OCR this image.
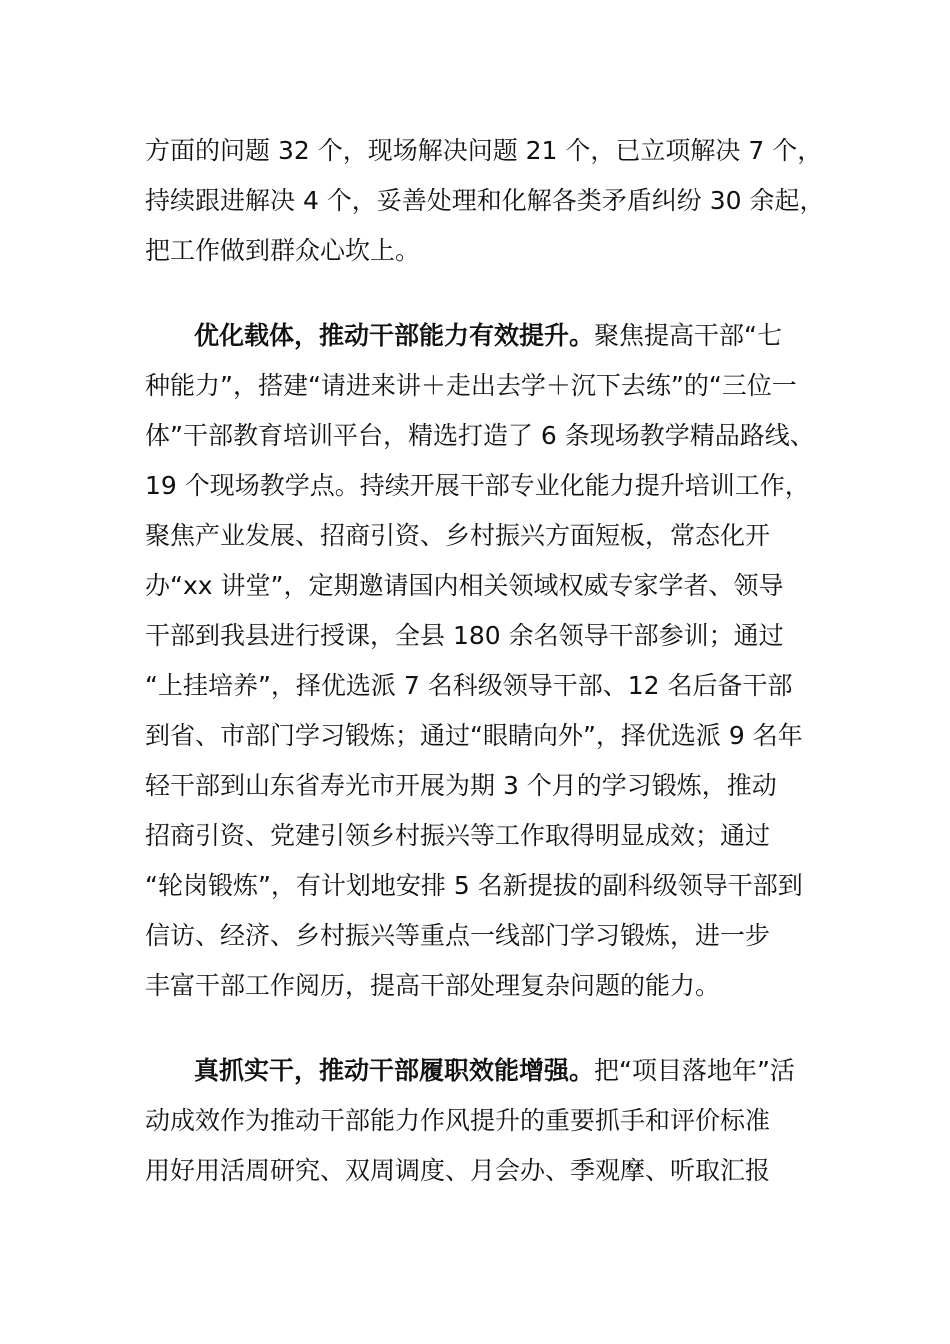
方面的问题 32 个，现场解决问题 21 个，已立项解决 7 个，
持续跟进解决 4 个，妥善处理和化解各类矛盾纠纷 30 余起，
把工作做到群众心坎上。
优化载体，推动干部能力有效提升。聚焦提高干部“七
种能力”，搭建“请进来讲＋走出去学＋沉下去练”的“三位一
体”干部教育培训平台，精选打造了 6 条现场教学精品路线、
19 个现场教学点。持续开展干部专业化能力提升培训工作，
聚焦产业发展、招商引资、乡村振兴方面短板，常态化开
办“xx 讲堂”，定期邀请国内相关领域权威专家学者、领导
干部到我县进行授课，全县 180 余名领导干部参训；通过
“上挂培养”，择优选派 7 名科级领导干部、12 名后备干部
到省、市部门学习锻炼；通过“眼睛向外”，择优选派 9 名年
轻干部到山东省寿光市开展为期 3 个月的学习锻炼，推动
招商引资、党建引领乡村振兴等工作取得明显成效；通过
“轮岗锻炼”，有计划地安排 5 名新提拔的副科级领导干部到
信访、经济、乡村振兴等重点一线部门学习锻炼，进一步
丰富干部工作阅历，提高干部处理复杂问题的能力。
真抓实干，推动干部履职效能增强。把“项目落地年”活
动成效作为推动干部能力作风提升的重要抓手和评价标准
用好用活周研究、双周调度、月会办、季观摩、听取汇报
